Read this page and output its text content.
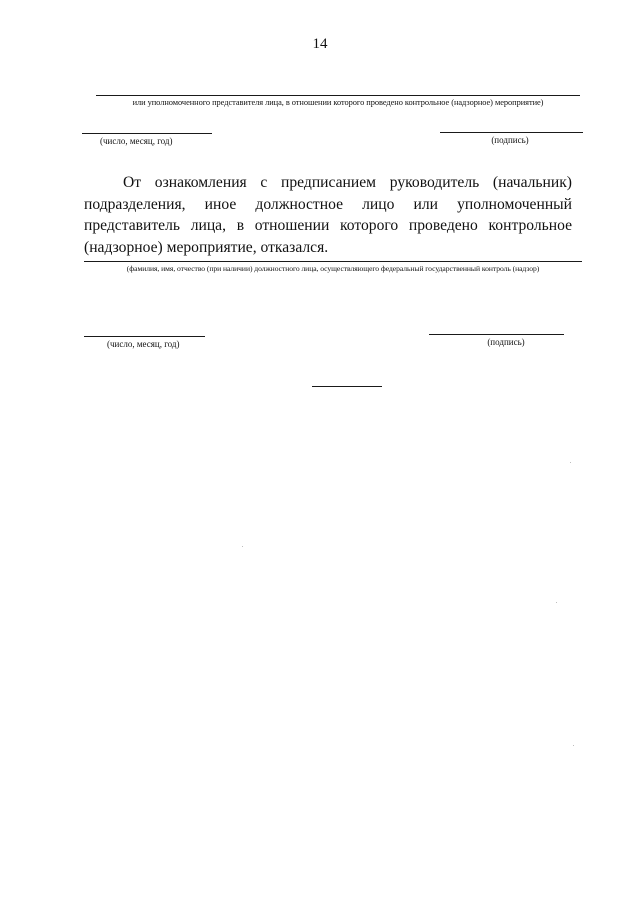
14
или уполномоченного представителя лица, в отношении которого проведено контрольное (надзорное) мероприятие)
(число, месяц, год)	(подпись)
От ознакомления с предписанием руководитель (начальник)
подразделения, иное должностное лицо или уполномоченный
представитель лица, в отношении которого проведено контрольное
(надзорное) мероприятие, отказался.
(фамилия, имя, отчество (при наличии) должностного лица, осуществляющего федеральный государственный контроль (надзор)
(число, месяц, год)	(подпись)
